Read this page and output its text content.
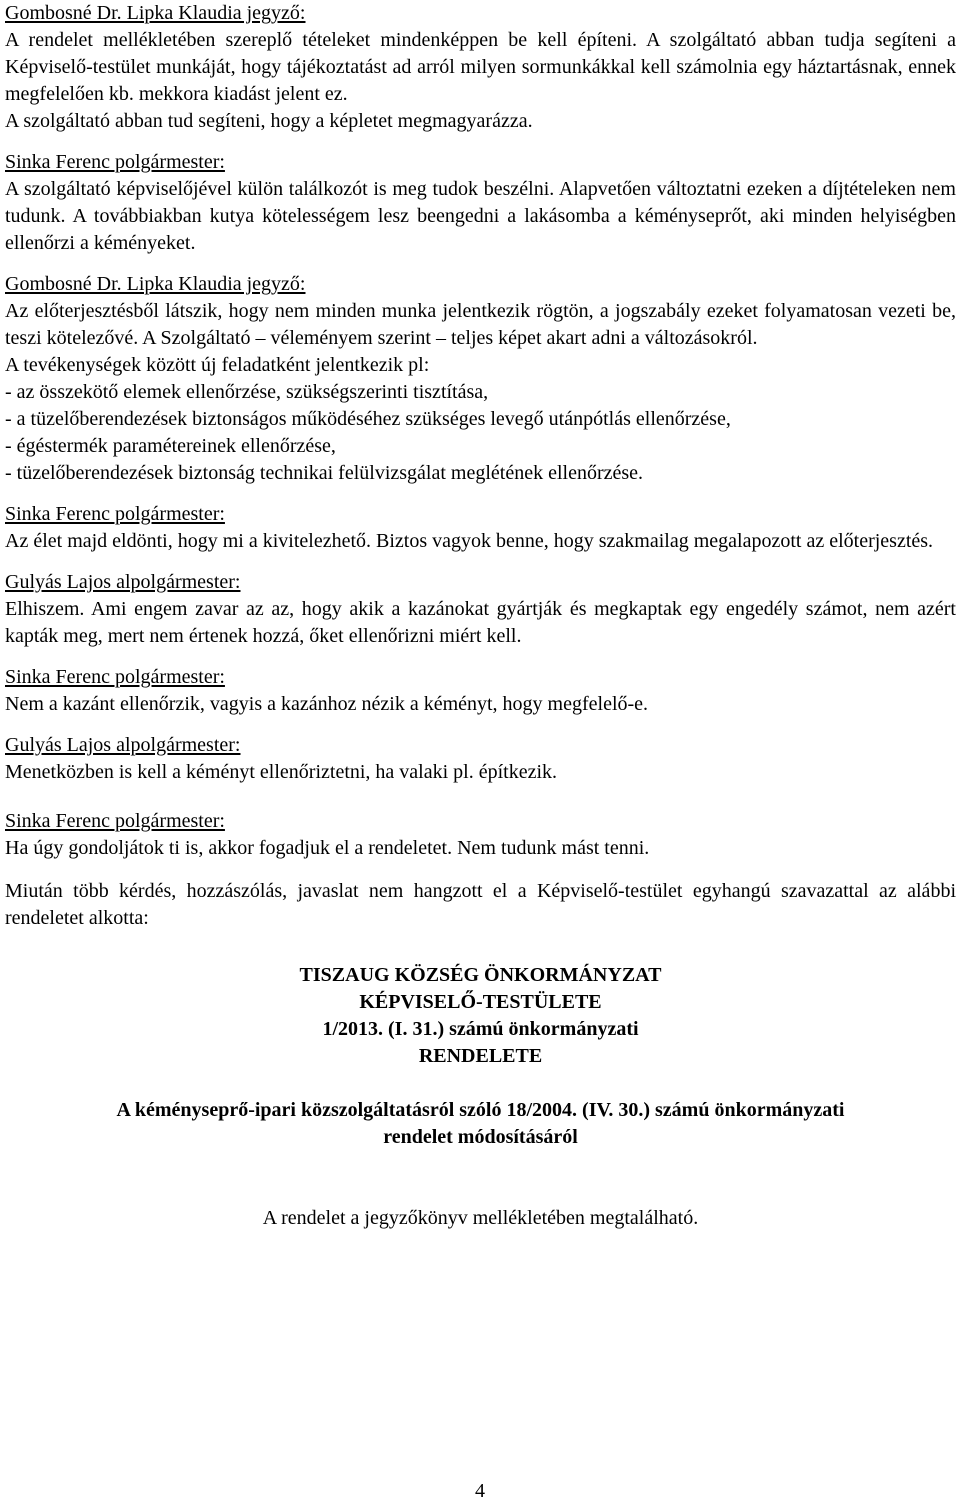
Gombosné Dr. Lipka Klaudia jegyző:

A rendelet mellékletében szereplő tételeket mindenképpen be kell építeni. A szolgáltató abban tudja segíteni a Képviselő-testület munkáját, hogy tájékoztatást ad arról milyen sormunkákkal kell számolnia egy háztartásnak, ennek megfelelően kb. mekkora kiadást jelent ez.

A szolgáltató abban tud segíteni, hogy a képletet megmagyarázza.

Sinka Ferenc polgármester:

A szolgáltató képviselőjével külön találkozót is meg tudok beszélni. Alapvetően változtatni ezeken a díjtételeken nem tudunk. A továbbiakban kutya kötelességem lesz beengedni a lakásomba a kéményseprőt, aki minden helyiségben ellenőrzi a kéményeket.

Gombosné Dr. Lipka Klaudia jegyző:

Az előterjesztésből látszik, hogy nem minden munka jelentkezik rögtön, a jogszabály ezeket folyamatosan vezeti be, teszi kötelezővé. A Szolgáltató – véleményem szerint – teljes képet akart adni a változásokról.

A tevékenységek között új feladatként jelentkezik pl:

- az összekötő elemek ellenőrzése, szükségszerinti tisztítása,

- a tüzelőberendezések biztonságos működéséhez szükséges levegő utánpótlás ellenőrzése,

- égéstermék paramétereinek ellenőrzése,

- tüzelőberendezések biztonság technikai felülvizsgálat meglétének ellenőrzése.

Sinka Ferenc polgármester:

Az élet majd eldönti, hogy mi a kivitelezhető. Biztos vagyok benne, hogy szakmailag megalapozott az előterjesztés.

Gulyás Lajos alpolgármester:

Elhiszem. Ami engem zavar az az, hogy akik a kazánokat gyártják és megkaptak egy engedély számot, nem azért kapták meg, mert nem értenek hozzá, őket ellenőrizni miért kell.

Sinka Ferenc polgármester:

Nem a kazánt ellenőrzik, vagyis a kazánhoz nézik a kéményt, hogy megfelelő-e.

Gulyás Lajos alpolgármester:

Menetközben is kell a kéményt ellenőriztetni, ha valaki pl. építkezik.

Sinka Ferenc polgármester:

Ha úgy gondoljátok ti is, akkor fogadjuk el a rendeletet. Nem tudunk mást tenni.

Miután több kérdés, hozzászólás, javaslat nem hangzott el a Képviselő-testület egyhangú szavazattal az alábbi rendeletet alkotta:

TISZAUG KÖZSÉG ÖNKORMÁNYZAT
KÉPVISELŐ-TESTÜLETE
1/2013. (I. 31.) számú önkormányzati
RENDELETE
A kéményseprő-ipari közszolgáltatásról szóló 18/2004. (IV. 30.) számú önkormányzati
rendelet módosításáról
A rendelet a jegyzőkönyv mellékletében megtalálható.
4
